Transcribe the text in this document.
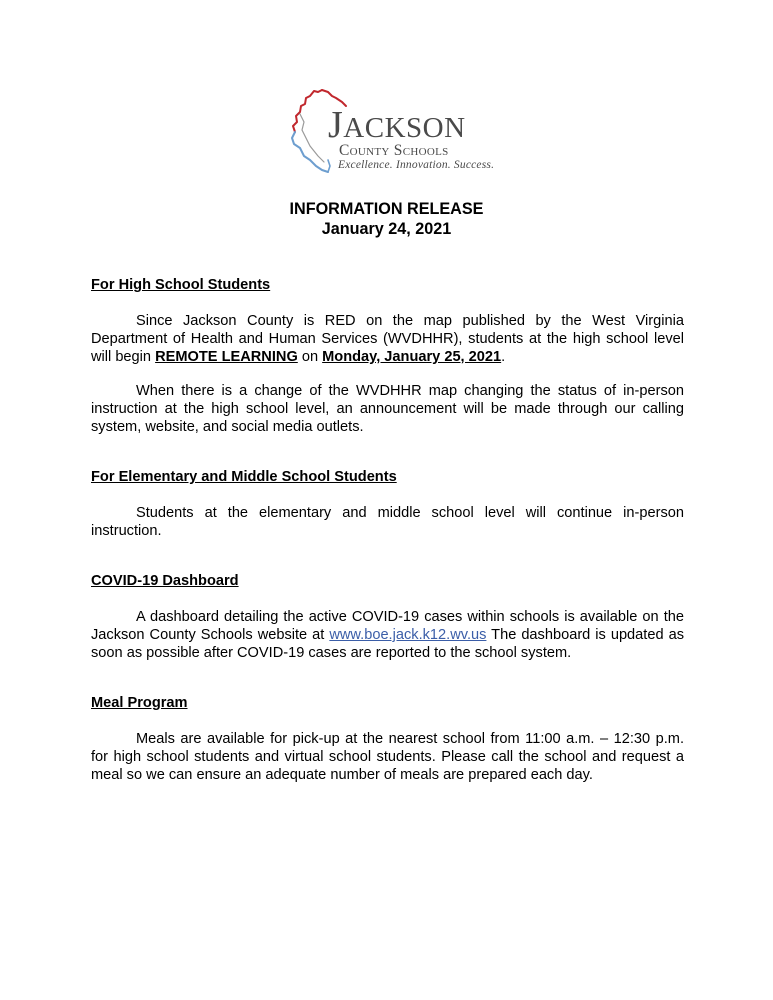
JACKSON
County Schools
Excellence. Innovation. Success.
INFORMATION RELEASE
January 24, 2021
For High School Students
Since Jackson County is RED on the map published by the West Virginia Department of Health and Human Services (WVDHHR), students at the high school level will begin REMOTE LEARNING on Monday, January 25, 2021.
When there is a change of the WVDHHR map changing the status of in-person instruction at the high school level, an announcement will be made through our calling system, website, and social media outlets.
For Elementary and Middle School Students
Students at the elementary and middle school level will continue in-person instruction.
COVID-19 Dashboard
A dashboard detailing the active COVID-19 cases within schools is available on the Jackson County Schools website at www.boe.jack.k12.wv.us The dashboard is updated as soon as possible after COVID-19 cases are reported to the school system.
Meal Program
Meals are available for pick-up at the nearest school from 11:00 a.m. – 12:30 p.m. for high school students and virtual school students. Please call the school and request a meal so we can ensure an adequate number of meals are prepared each day.
